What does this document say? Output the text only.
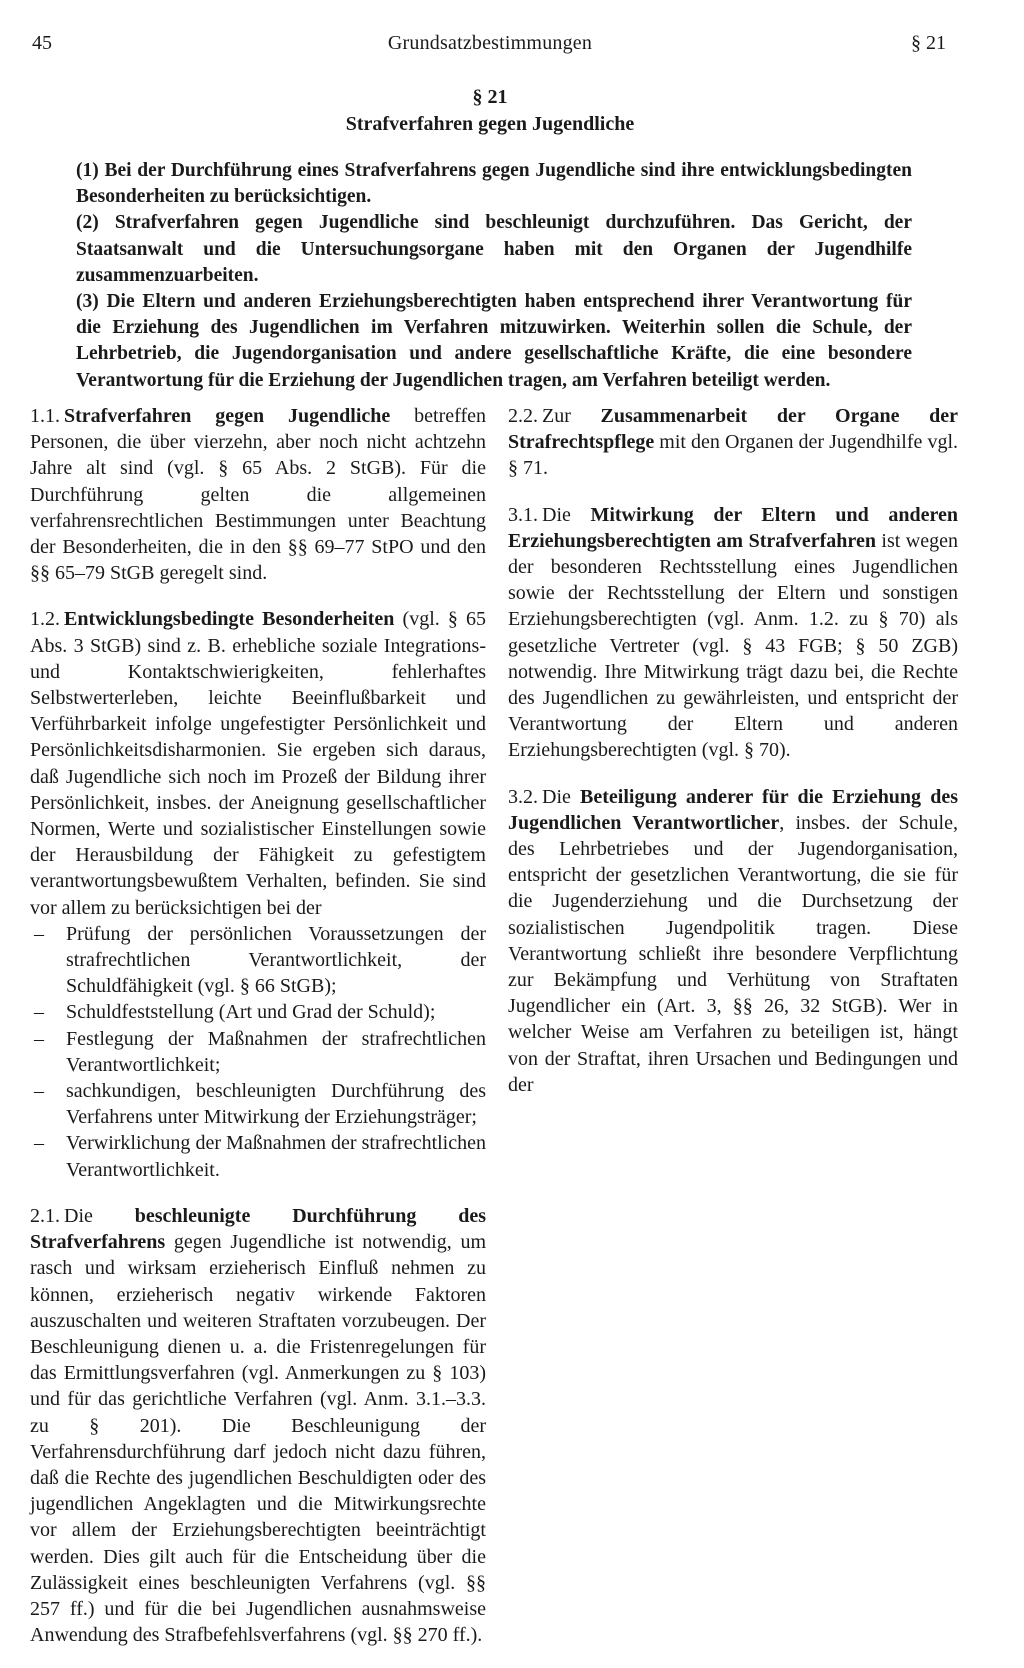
45	Grundsatzbestimmungen	§ 21
§ 21
Strafverfahren gegen Jugendliche

(1) Bei der Durchführung eines Strafverfahrens gegen Jugendliche sind ihre entwicklungsbedingten Besonderheiten zu berücksichtigen.

(2) Strafverfahren gegen Jugendliche sind beschleunigt durchzuführen. Das Gericht, der Staatsanwalt und die Untersuchungsorgane haben mit den Organen der Jugendhilfe zusammenzuarbeiten.

(3) Die Eltern und anderen Erziehungsberechtigten haben entsprechend ihrer Verantwortung für die Erziehung des Jugendlichen im Verfahren mitzuwirken. Weiterhin sollen die Schule, der Lehrbetrieb, die Jugendorganisation und andere gesellschaftliche Kräfte, die eine besondere Verantwortung für die Erziehung der Jugendlichen tragen, am Verfahren beteiligt werden.

1.1. Strafverfahren gegen Jugendliche betreffen Personen, die über vierzehn, aber noch nicht achtzehn Jahre alt sind (vgl. § 65 Abs. 2 StGB). Für die Durchführung gelten die allgemeinen verfahrensrechtlichen Bestimmungen unter Beachtung der Besonderheiten, die in den §§ 69–77 StPO und den §§ 65–79 StGB geregelt sind.

1.2. Entwicklungsbedingte Besonderheiten (vgl. § 65 Abs. 3 StGB) sind z. B. erhebliche soziale Integrations- und Kontaktschwierigkeiten, fehlerhaftes Selbstwerterleben, leichte Beeinflußbarkeit und Verführbarkeit infolge ungefestigter Persönlichkeit und Persönlichkeitsdisharmonien. Sie ergeben sich daraus, daß Jugendliche sich noch im Prozeß der Bildung ihrer Persönlichkeit, insbes. der Aneignung gesellschaftlicher Normen, Werte und sozialistischer Einstellungen sowie der Herausbildung der Fähigkeit zu gefestigtem verantwortungsbewußtem Verhalten, befinden. Sie sind vor allem zu berücksichtigen bei der

– Prüfung der persönlichen Voraussetzungen der strafrechtlichen Verantwortlichkeit, der Schuldfähigkeit (vgl. § 66 StGB);
– Schuldfeststellung (Art und Grad der Schuld);
– Festlegung der Maßnahmen der strafrechtlichen Verantwortlichkeit;
– sachkundigen, beschleunigten Durchführung des Verfahrens unter Mitwirkung der Erziehungsträger;
– Verwirklichung der Maßnahmen der strafrechtlichen Verantwortlichkeit.

2.1. Die beschleunigte Durchführung des Strafverfahrens gegen Jugendliche ist notwendig, um rasch und wirksam erzieherisch Einfluß nehmen zu können, erzieherisch negativ wirkende Faktoren auszuschalten und weiteren Straftaten vorzubeugen. Der Beschleunigung dienen u. a. die Fristenregelungen für das Ermittlungsverfahren (vgl. Anmerkungen zu § 103) und für das gerichtliche Verfahren (vgl. Anm. 3.1.–3.3. zu § 201). Die Beschleunigung der Verfahrensdurchführung darf jedoch nicht dazu führen, daß die Rechte des jugendlichen Beschuldigten oder des jugendlichen Angeklagten und die Mitwirkungsrechte vor allem der Erziehungsberechtigten beeinträchtigt werden. Dies gilt auch für die Entscheidung über die Zulässigkeit eines beschleunigten Verfahrens (vgl. §§ 257 ff.) und für die bei Jugendlichen ausnahmsweise Anwendung des Strafbefehlsverfahrens (vgl. §§ 270 ff.).

2.2. Zur Zusammenarbeit der Organe der Strafrechtspflege mit den Organen der Jugendhilfe vgl. § 71.

3.1. Die Mitwirkung der Eltern und anderen Erziehungsberechtigten am Strafverfahren ist wegen der besonderen Rechtsstellung eines Jugendlichen sowie der Rechtsstellung der Eltern und sonstigen Erziehungsberechtigten (vgl. Anm. 1.2. zu § 70) als gesetzliche Vertreter (vgl. § 43 FGB; § 50 ZGB) notwendig. Ihre Mitwirkung trägt dazu bei, die Rechte des Jugendlichen zu gewährleisten, und entspricht der Verantwortung der Eltern und anderen Erziehungsberechtigten (vgl. § 70).

3.2. Die Beteiligung anderer für die Erziehung des Jugendlichen Verantwortlicher, insbes. der Schule, des Lehrbetriebes und der Jugendorganisation, entspricht der gesetzlichen Verantwortung, die sie für die Jugenderziehung und die Durchsetzung der sozialistischen Jugendpolitik tragen. Diese Verantwortung schließt ihre besondere Verpflichtung zur Bekämpfung und Verhütung von Straftaten Jugendlicher ein (Art. 3, §§ 26, 32 StGB). Wer in welcher Weise am Verfahren zu beteiligen ist, hängt von der Straftat, ihren Ursachen und Bedingungen und der
